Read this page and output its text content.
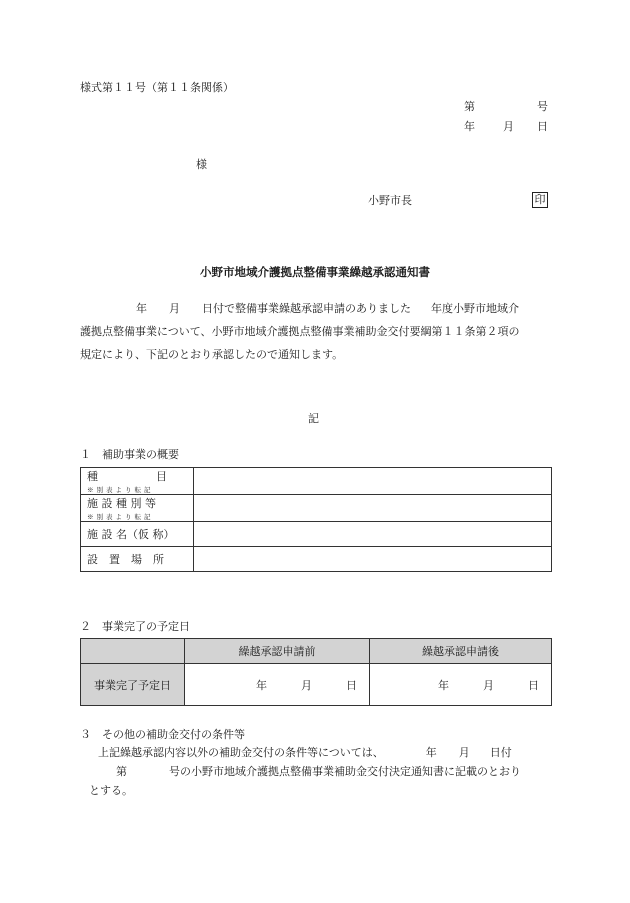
様式第１１号（第１１条関係）
第	号
年	月 日
様
小野市長	印
小野市地域介護拠点整備事業繰越承認通知書
年 月 日付で整備事業繰越承認申請のありました 年度小野市地域介
護拠点整備事業について、小野市地域介護拠点整備事業補助金交付要綱第１１条第２項の
規定により、下記のとおり承認したので通知します。
記
１　補助事業の概要
種　　　　　目
※別表より転記	

施 設 種 別 等
※別表より転記	

施 設 名（仮 称）	

設　置　場　所	

２　事業完了の予定日
	繰越承認申請前	繰越承認申請後
事業完了予定日	年 月 日	年 月 日
３　その他の補助金交付の条件等
上記繰越承認内容以外の補助金交付の条件等については、	年 月 日付
第	号の小野市地域介護拠点整備事業補助金交付決定通知書に記載のとおり
とする。
